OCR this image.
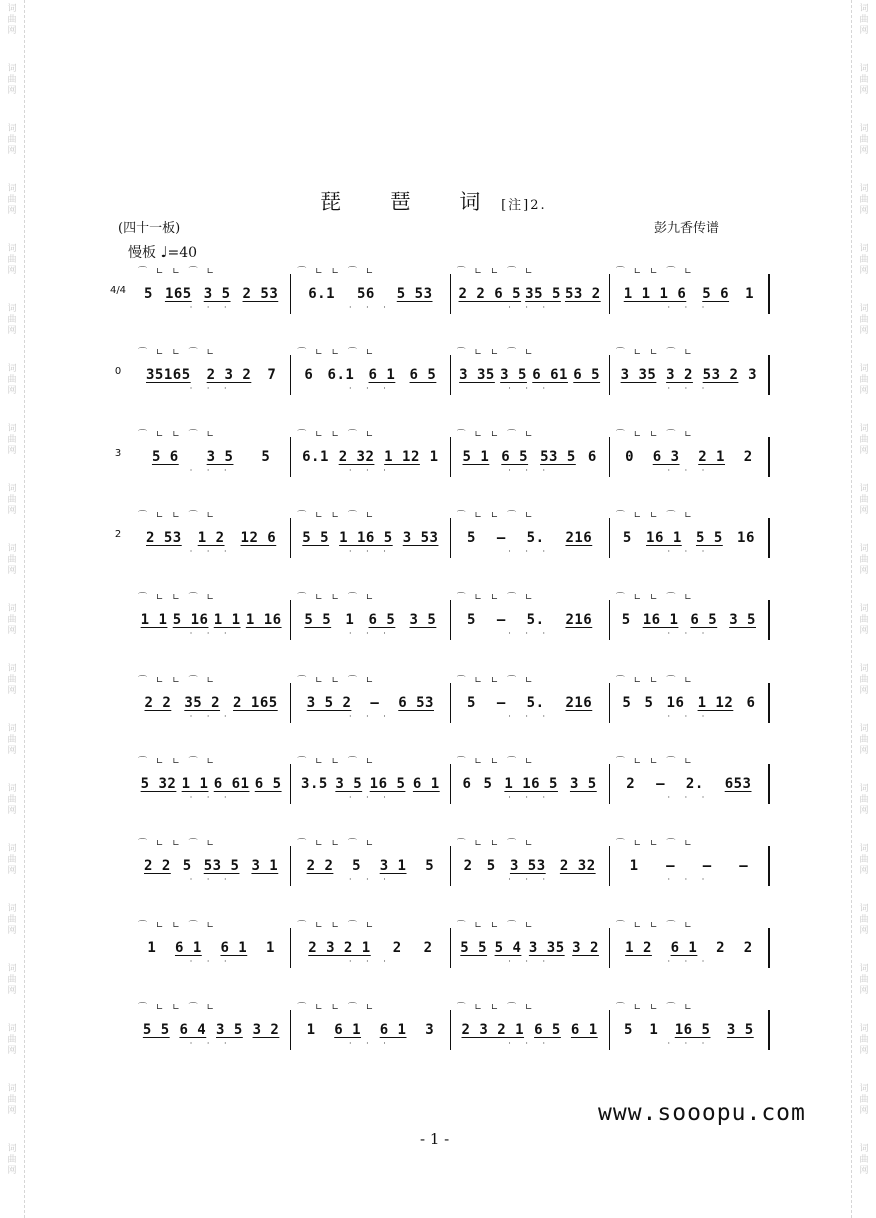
词
曲
网
词
曲
网
词
曲
网
词
曲
网
词
曲
网
词
曲
网
词
曲
网
词
曲
网
词
曲
网
词
曲
网
词
曲
网
词
曲
网
词
曲
网
词
曲
网
词
曲
网
词
曲
网
词
曲
网
词
曲
网
词
曲
网
词
曲
网
词
曲
网
词
曲
网
词
曲
网
词
曲
网
词
曲
网
词
曲
网
词
曲
网
词
曲
网
词
曲
网
词
曲
网
词
曲
网
词
曲
网
词
曲
网
词
曲
网
词
曲
网
词
曲
网
词
曲
网
词
曲
网
词
曲
网
词
曲
网
琵 琶 词 [注]2.
(四十一板)	彭九香传谱
慢板 ♩=40
4/4
⌒ ∟ ∟ ⌒ ∟
5 165 3 5 2 53
· · ·
⌒ ∟ ∟ ⌒ ∟
6.1 56 5 53
· · ·
⌒ ∟ ∟ ⌒ ∟
2 2 6 5 35 5 53 2
· · ·
⌒ ∟ ∟ ⌒ ∟
1 1 1 6 5 6 1
· · ·
0
⌒ ∟ ∟ ⌒ ∟
35165 2 3 2 7
· · ·
⌒ ∟ ∟ ⌒ ∟
6 6.1 6 1 6 5
· · ·
⌒ ∟ ∟ ⌒ ∟
3 35 3 5 6 61 6 5
· · ·
⌒ ∟ ∟ ⌒ ∟
3 35 3 2 53 2 3
· · ·
3
⌒ ∟ ∟ ⌒ ∟
5 6 3 5 5
· · ·
⌒ ∟ ∟ ⌒ ∟
6.1 2 32 1 12 1
· · ·
⌒ ∟ ∟ ⌒ ∟
5 1 6 5 53 5 6
· · ·
⌒ ∟ ∟ ⌒ ∟
0 6 3 2 1 2
· · ·
2
⌒ ∟ ∟ ⌒ ∟
2 53 1 2 12 6
· · ·
⌒ ∟ ∟ ⌒ ∟
5 5 1 16 5 3 53
· · ·
⌒ ∟ ∟ ⌒ ∟
5 – 5. 216
· · ·
⌒ ∟ ∟ ⌒ ∟
5 16 1 5 5 16
· · ·
⌒ ∟ ∟ ⌒ ∟
1 1 5 16 1 1 1 16
· · ·
⌒ ∟ ∟ ⌒ ∟
5 5 1 6 5 3 5
· · ·
⌒ ∟ ∟ ⌒ ∟
5 – 5. 216
· · ·
⌒ ∟ ∟ ⌒ ∟
5 16 1 6 5 3 5
· · ·
⌒ ∟ ∟ ⌒ ∟
2 2 35 2 2 165
· · ·
⌒ ∟ ∟ ⌒ ∟
3 5 2 – 6 53
· · ·
⌒ ∟ ∟ ⌒ ∟
5 – 5. 216
· · ·
⌒ ∟ ∟ ⌒ ∟
5 5 16 1 12 6
· · ·
⌒ ∟ ∟ ⌒ ∟
5 32 1 1 6 61 6 5
· · ·
⌒ ∟ ∟ ⌒ ∟
3.5 3 5 16 5 6 1
· · ·
⌒ ∟ ∟ ⌒ ∟
6 5 1 16 5 3 5
· · ·
⌒ ∟ ∟ ⌒ ∟
2 – 2. 653
· · ·
⌒ ∟ ∟ ⌒ ∟
2 2 5 53 5 3 1
· · ·
⌒ ∟ ∟ ⌒ ∟
2 2 5 3 1 5
· · ·
⌒ ∟ ∟ ⌒ ∟
2 5 3 53 2 32
· · ·
⌒ ∟ ∟ ⌒ ∟
1 – – –
· · ·
⌒ ∟ ∟ ⌒ ∟
1 6 1 6 1 1
· · ·
⌒ ∟ ∟ ⌒ ∟
2 3 2 1 2 2
· · ·
⌒ ∟ ∟ ⌒ ∟
5 5 5 4 3 35 3 2
· · ·
⌒ ∟ ∟ ⌒ ∟
1 2 6 1 2 2
· · ·
⌒ ∟ ∟ ⌒ ∟
5 5 6 4 3 5 3 2
· · ·
⌒ ∟ ∟ ⌒ ∟
1 6 1 6 1 3
· · ·
⌒ ∟ ∟ ⌒ ∟
2 3 2 1 6 5 6 1
· · ·
⌒ ∟ ∟ ⌒ ∟
5 1 16 5 3 5
· · ·
www.sooopu.com
- 1 -
